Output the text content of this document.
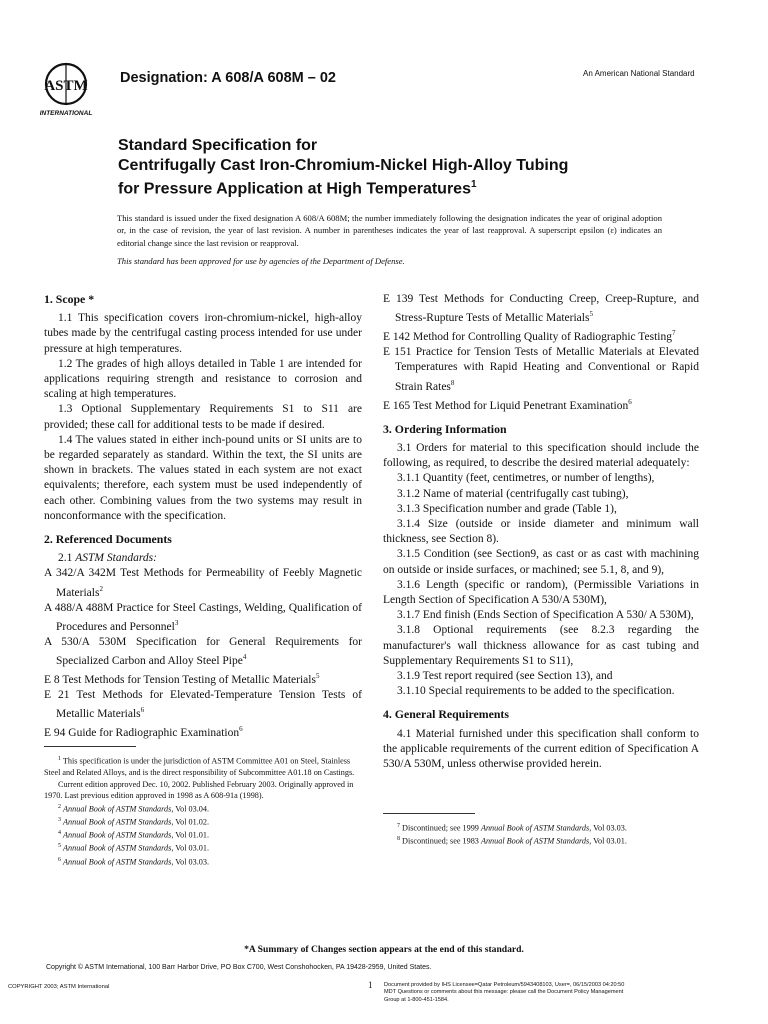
ASTM
INTERNATIONAL
Designation: A 608/A 608M – 02	An American National Standard
Standard Specification for
Centrifugally Cast Iron-Chromium-Nickel High-Alloy Tubing
for Pressure Application at High Temperatures$^1$
This standard is issued under the fixed designation A 608/A 608M; the number immediately following the designation indicates the year of original adoption or, in the case of revision, the year of last revision. A number in parentheses indicates the year of last reapproval. A superscript epsilon (ε) indicates an editorial change since the last revision or reapproval.
This standard has been approved for use by agencies of the Department of Defense.
1. Scope *

1.1 This specification covers iron-chromium-nickel, high-alloy tubes made by the centrifugal casting process intended for use under pressure at high temperatures.

1.2 The grades of high alloys detailed in Table 1 are intended for applications requiring strength and resistance to corrosion and scaling at high temperatures.

1.3 Optional Supplementary Requirements S1 to S11 are provided; these call for additional tests to be made if desired.

1.4 The values stated in either inch-pound units or SI units are to be regarded separately as standard. Within the text, the SI units are shown in brackets. The values stated in each system are not exact equivalents; therefore, each system must be used independently of each other. Combining values from the two systems may result in nonconformance with the specification.

2. Referenced Documents

2.1 ASTM Standards:

A 342/A 342M Test Methods for Permeability of Feebly Magnetic Materials$^2$

A 488/A 488M Practice for Steel Castings, Welding, Qualification of Procedures and Personnel$^3$

A 530/A 530M Specification for General Requirements for Specialized Carbon and Alloy Steel Pipe$^4$

E 8 Test Methods for Tension Testing of Metallic Materials$^5$

E 21 Test Methods for Elevated-Temperature Tension Tests of Metallic Materials$^6$

E 94 Guide for Radiographic Examination$^6$

E 139 Test Methods for Conducting Creep, Creep-Rupture, and Stress-Rupture Tests of Metallic Materials$^5$

E 142 Method for Controlling Quality of Radiographic Testing$^7$

E 151 Practice for Tension Tests of Metallic Materials at Elevated Temperatures with Rapid Heating and Conventional or Rapid Strain Rates$^8$

E 165 Test Method for Liquid Penetrant Examination$^6$

3. Ordering Information

3.1 Orders for material to this specification should include the following, as required, to describe the desired material adequately:

3.1.1 Quantity (feet, centimetres, or number of lengths),

3.1.2 Name of material (centrifugally cast tubing),

3.1.3 Specification number and grade (Table 1),

3.1.4 Size (outside or inside diameter and minimum wall thickness, see Section 8).

3.1.5 Condition (see Section9, as cast or as cast with machining on outside or inside surfaces, or machined; see 5.1, 8, and 9),

3.1.6 Length (specific or random), (Permissible Variations in Length Section of Specification A 530/A 530M),

3.1.7 End finish (Ends Section of Specification A 530/ A 530M),

3.1.8 Optional requirements (see 8.2.3 regarding the manufacturer's wall thickness allowance for as cast tubing and Supplementary Requirements S1 to S11),

3.1.9 Test report required (see Section 13), and

3.1.10 Special requirements to be added to the specification.

4. General Requirements

4.1 Material furnished under this specification shall conform to the applicable requirements of the current edition of Specification A 530/A 530M, unless otherwise provided herein.

$^1$ This specification is under the jurisdiction of ASTM Committee A01 on Steel, Stainless Steel and Related Alloys, and is the direct responsibility of Subcommittee A01.18 on Castings.

Current edition approved Dec. 10, 2002. Published February 2003. Originally approved in 1970. Last previous edition approved in 1998 as A 608-91a (1998).

$^2$ Annual Book of ASTM Standards, Vol 03.04.

$^3$ Annual Book of ASTM Standards, Vol 01.02.

$^4$ Annual Book of ASTM Standards, Vol 01.01.

$^5$ Annual Book of ASTM Standards, Vol 03.01.

$^6$ Annual Book of ASTM Standards, Vol 03.03.

$^7$ Discontinued; see 1999 Annual Book of ASTM Standards, Vol 03.03.

$^8$ Discontinued; see 1983 Annual Book of ASTM Standards, Vol 03.01.

*A Summary of Changes section appears at the end of this standard.
Copyright © ASTM International, 100 Barr Harbor Drive, PO Box C700, West Conshohocken, PA 19428-2959, United States.
COPYRIGHT 2003; ASTM International	1 Document provided by IHS Licensee=Qatar Petroleum/5943408103, User=, 06/15/2003 04:20:50 MDT Questions or comments about this message: please call the Document Policy Management Group at 1-800-451-1584.
